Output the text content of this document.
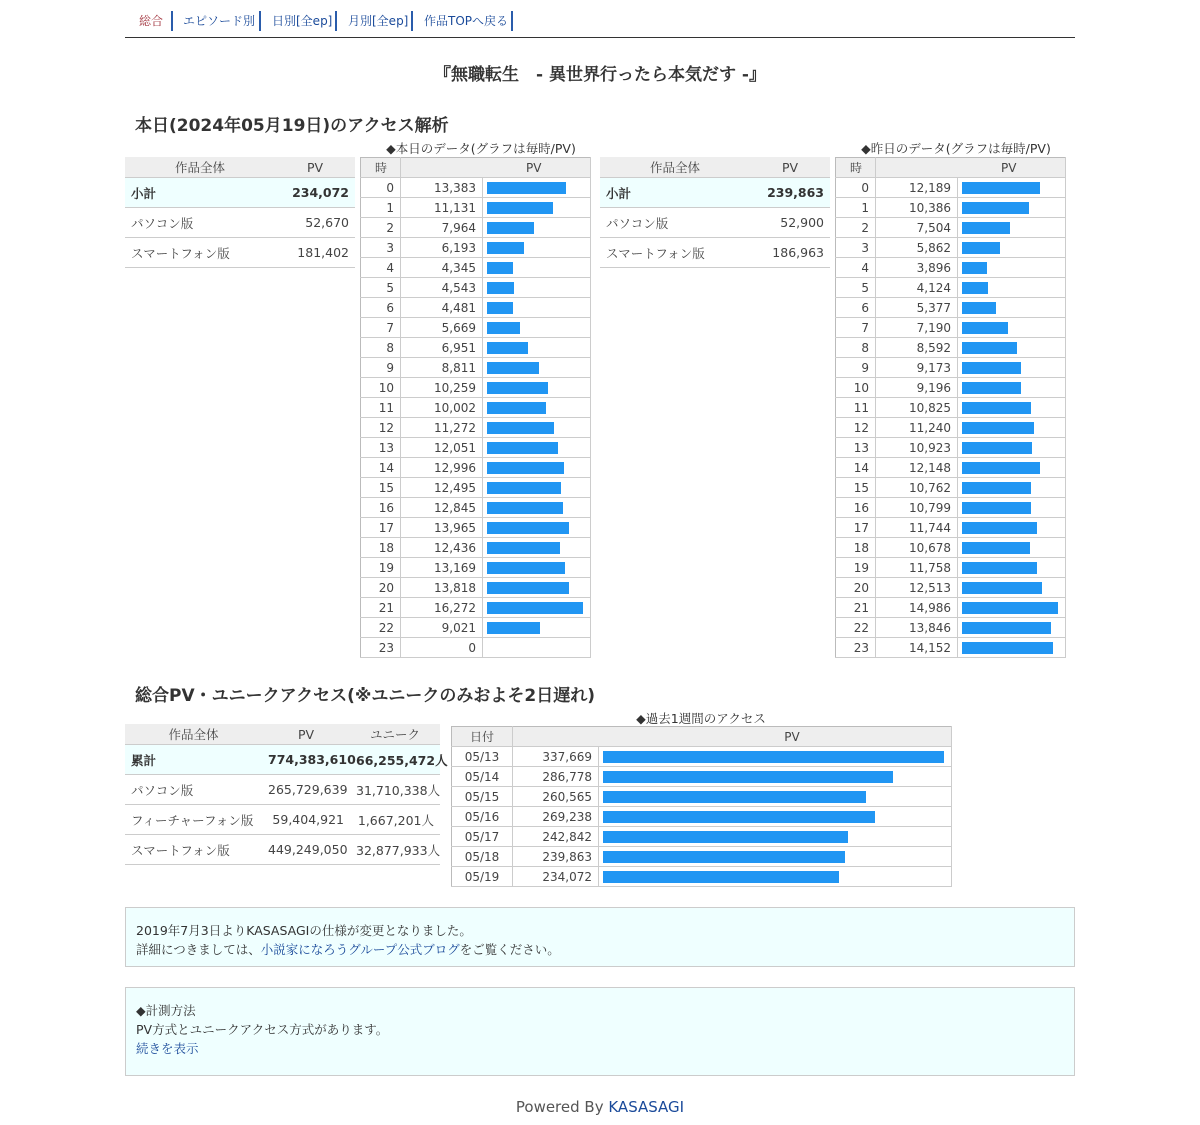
総合 エピソード別 日別[全ep] 月別[全ep] 作品TOPへ戻る
『無職転生　- 異世界行ったら本気だす -』
本日(2024年05月19日)のアクセス解析
◆本日のデータ(グラフは毎時/PV)	◆昨日のデータ(グラフは毎時/PV)
作品全体	PV
小計	234,072
パソコン版	52,670
スマートフォン版	181,402
時	PV	
0	13,383	

1	11,131	

2	7,964	

3	6,193	

4	4,345	

5	4,543	

6	4,481	

7	5,669	

8	6,951	

9	8,811	

10	10,259	

11	10,002	

12	11,272	

13	12,051	

14	12,996	

15	12,495	

16	12,845	

17	13,965	

18	12,436	

19	13,169	

20	13,818	

21	16,272	

22	9,021	

23	0	
作品全体	PV
小計	239,863
パソコン版	52,900
スマートフォン版	186,963
時	PV	
0	12,189	

1	10,386	

2	7,504	

3	5,862	

4	3,896	

5	4,124	

6	5,377	

7	7,190	

8	8,592	

9	9,173	

10	9,196	

11	10,825	

12	11,240	

13	10,923	

14	12,148	

15	10,762	

16	10,799	

17	11,744	

18	10,678	

19	11,758	

20	12,513	

21	14,986	

22	13,846	

23	14,152	
総合PV・ユニークアクセス(※ユニークのみおよそ2日遅れ)
◆過去1週間のアクセス
作品全体	PV	ユニーク
累計	774,383,610	66,255,472人
パソコン版	265,729,639	31,710,338人
フィーチャーフォン版	59,404,921	1,667,201人
スマートフォン版	449,249,050	32,877,933人
日付	PV	
05/13	337,669	

05/14	286,778	

05/15	260,565	

05/16	269,238	

05/17	242,842	

05/18	239,863	

05/19	234,072	
2019年7月3日よりKASASAGIの仕様が変更となりました。
詳細につきましては、小説家になろうグループ公式ブログをご覧ください。
◆計測方法
PV方式とユニークアクセス方式があります。
続きを表示
Powered By KASASAGI
